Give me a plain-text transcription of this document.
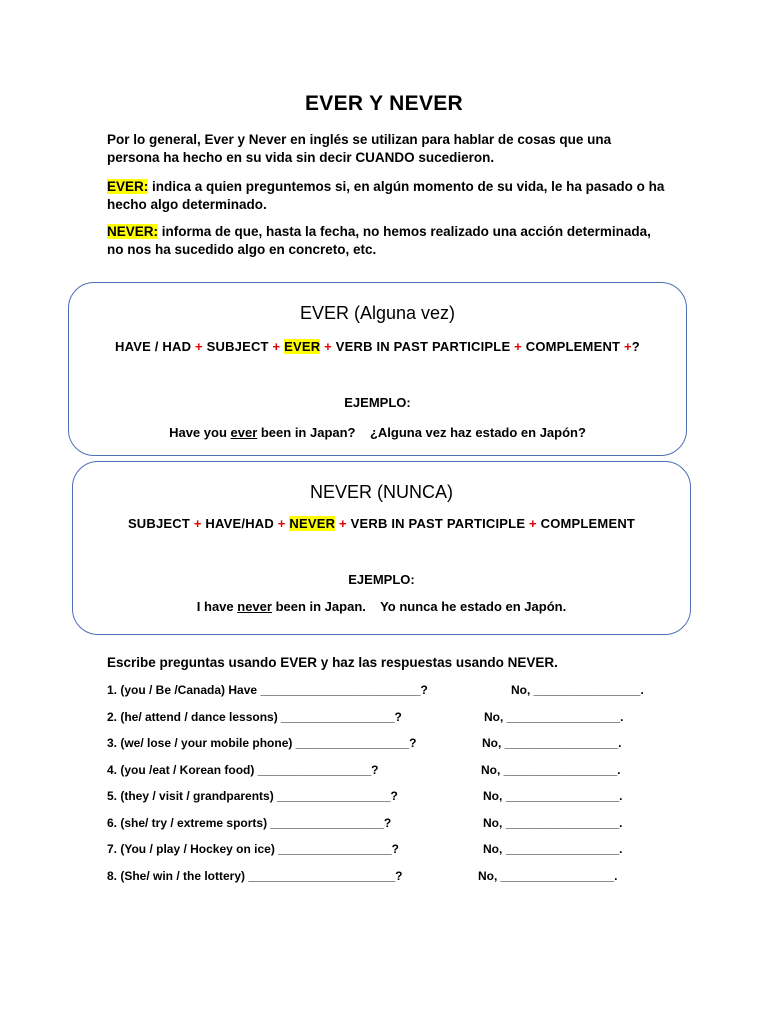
EVER Y NEVER
Por lo general, Ever y Never en inglés se utilizan para hablar de cosas que una persona ha hecho en su vida sin decir CUANDO sucedieron.
EVER: indica a quien preguntemos si, en algún momento de su vida, le ha pasado o ha hecho algo determinado.
NEVER: informa de que, hasta la fecha, no hemos realizado una acción determinada, no nos ha sucedido algo en concreto, etc.
EVER (Alguna vez)
HAVE / HAD + SUBJECT + EVER + VERB IN PAST PARTICIPLE + COMPLEMENT +?
EJEMPLO:
Have you ever been in Japan?    ¿Alguna vez haz estado en Japón?
NEVER (NUNCA)
SUBJECT + HAVE/HAD + NEVER + VERB IN PAST PARTICIPLE + COMPLEMENT
EJEMPLO:
I have never been in Japan.    Yo nunca he estado en Japón.
Escribe preguntas usando EVER y haz las respuestas usando NEVER.
1. (you / Be /Canada) Have ________________________?	No, ________________.
2. (he/ attend / dance lessons) _________________?	No, _________________.
3. (we/ lose / your mobile phone) _________________?	No, _________________.
4. (you /eat / Korean food) _________________?	No, _________________.
5. (they / visit / grandparents) _________________?	No, _________________.
6. (she/ try / extreme sports) _________________?	No, _________________.
7. (You / play / Hockey on ice) _________________?	No, _________________.
8. (She/ win / the lottery) ______________________?	No, _________________.
